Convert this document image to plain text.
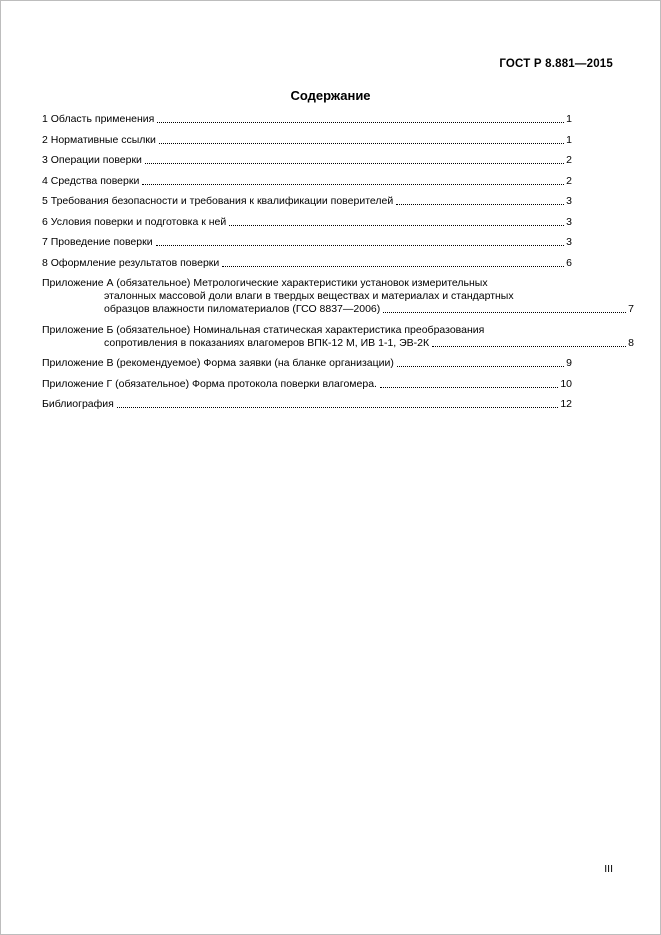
ГОСТ Р 8.881—2015
Содержание
1 Область применения	1
2 Нормативные ссылки	1
3 Операции поверки	2
4 Средства поверки	2
5 Требования безопасности и требования к квалификации поверителей	3
6 Условия поверки и подготовка к ней	3
7 Проведение поверки	3
8 Оформление результатов поверки	6
Приложение А (обязательное) Метрологические характеристики установок измерительных
эталонных массовой доли влаги в твердых веществах и материалах и стандартных
образцов влажности пиломатериалов (ГСО 8837—2006)	7
Приложение Б (обязательное) Номинальная статическая характеристика преобразования
сопротивления в показаниях влагомеров ВПК-12 М, ИВ 1-1, ЭВ-2К	8
Приложение В (рекомендуемое) Форма заявки (на бланке организации)	9
Приложение Г (обязательное) Форма протокола поверки влагомера.	10
Библиография	12
III
